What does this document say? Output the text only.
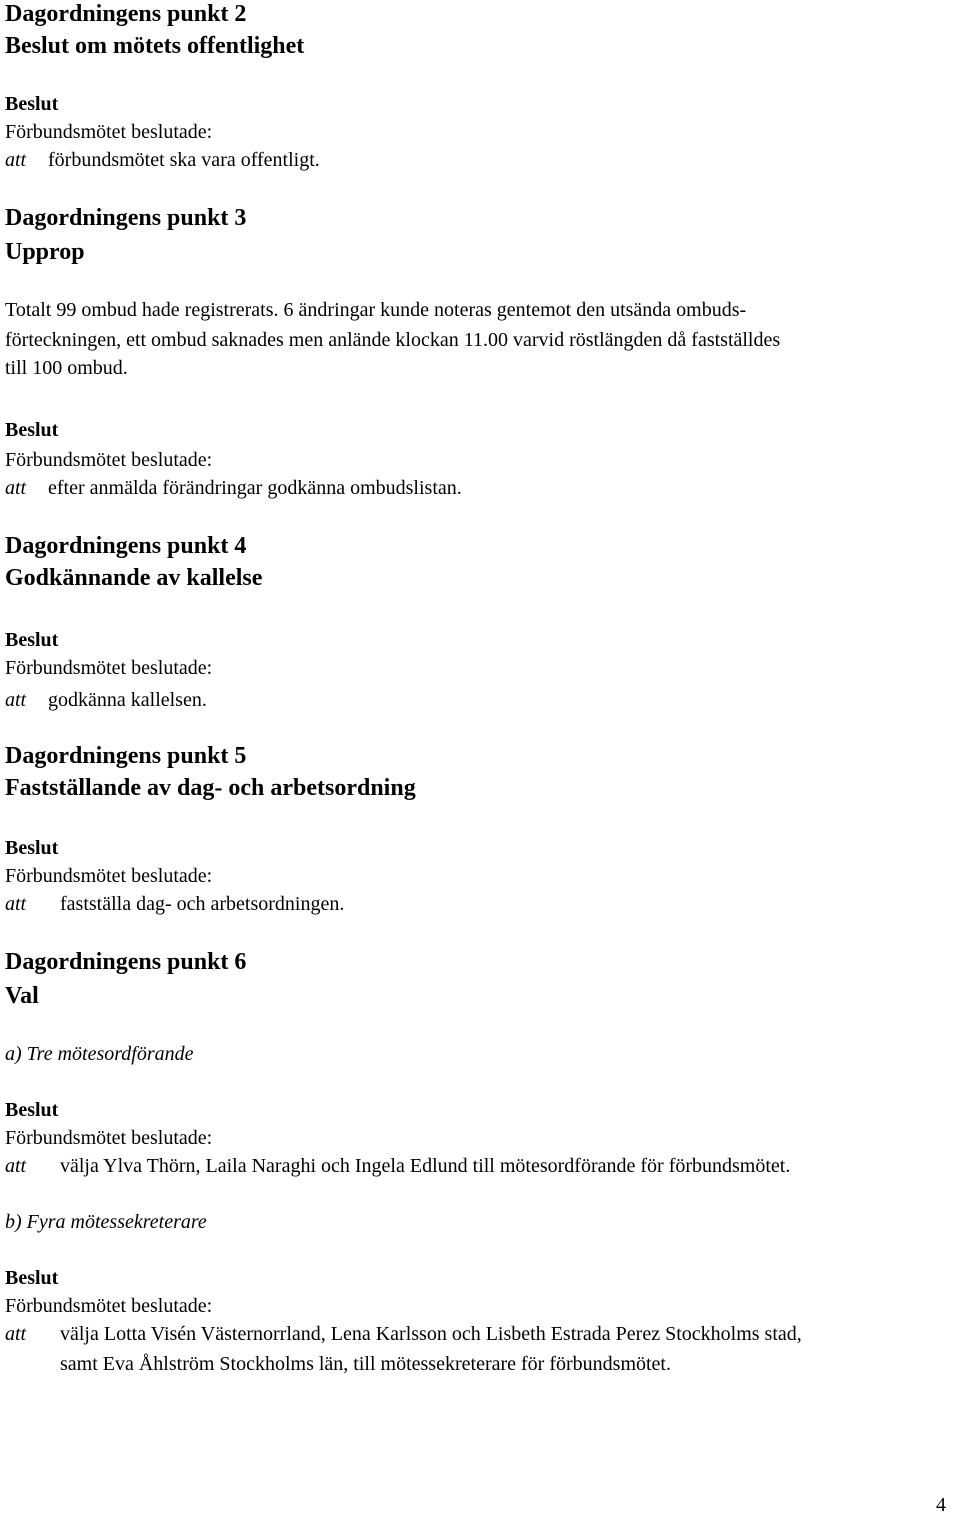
Dagordningens punkt 2
Beslut om mötets offentlighet
Beslut
Förbundsmötet beslutade:
att förbundsmötet ska vara offentligt.
Dagordningens punkt 3
Upprop
Totalt 99 ombud hade registrerats. 6 ändringar kunde noteras gentemot den utsända ombuds-
förteckningen, ett ombud saknades men anlände klockan 11.00 varvid röstlängden då fastställdes
till 100 ombud.
Beslut
Förbundsmötet beslutade:
att efter anmälda förändringar godkänna ombudslistan.
Dagordningens punkt 4
Godkännande av kallelse
Beslut
Förbundsmötet beslutade:
att godkänna kallelsen.
Dagordningens punkt 5
Fastställande av dag- och arbetsordning
Beslut
Förbundsmötet beslutade:
att fastställa dag- och arbetsordningen.
Dagordningens punkt 6
Val
a) Tre mötesordförande
Beslut
Förbundsmötet beslutade:
att välja Ylva Thörn, Laila Naraghi och Ingela Edlund till mötesordförande för förbundsmötet.
b) Fyra mötessekreterare
Beslut
Förbundsmötet beslutade:
att välja Lotta Visén Västernorrland, Lena Karlsson och Lisbeth Estrada Perez Stockholms stad,
samt Eva Åhlström Stockholms län, till mötessekreterare för förbundsmötet.
4
